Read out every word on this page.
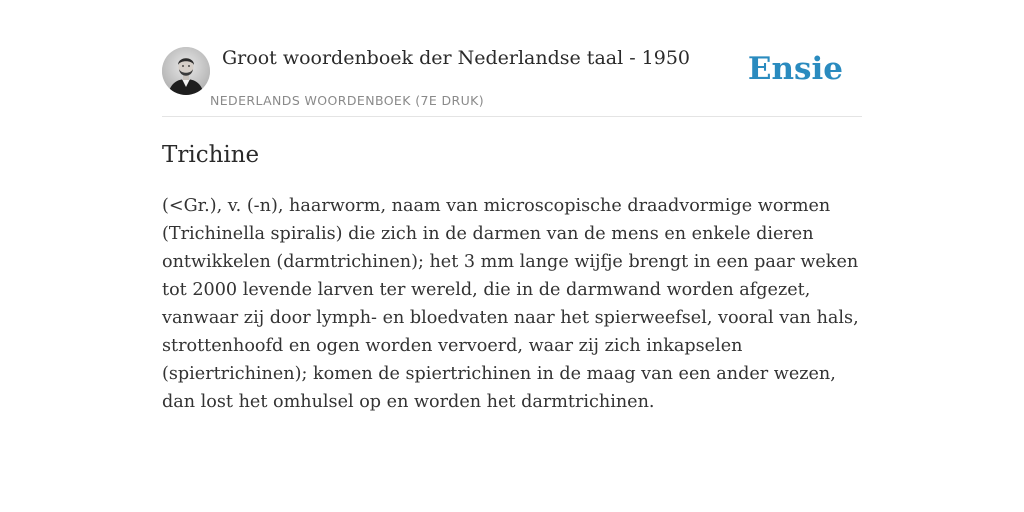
Groot woordenboek der Nederlandse taal - 1950
NEDERLANDS WOORDENBOEK (7E DRUK)
Ensie
Trichine

(<Gr.), v. (-n), haarworm, naam van microscopische draadvormige wormen (Trichinella spiralis) die zich in de darmen van de mens en enkele dieren ontwikkelen (darmtrichinen); het 3 mm lange wijfje brengt in een paar weken tot 2000 levende larven ter wereld, die in de darmwand worden afgezet, vanwaar zij door lymph- en bloedvaten naar het spierweefsel, vooral van hals, strottenhoofd en ogen worden vervoerd, waar zij zich inkapselen (spiertrichinen); komen de spiertrichinen in de maag van een ander wezen, dan lost het omhulsel op en worden het darmtrichinen.
